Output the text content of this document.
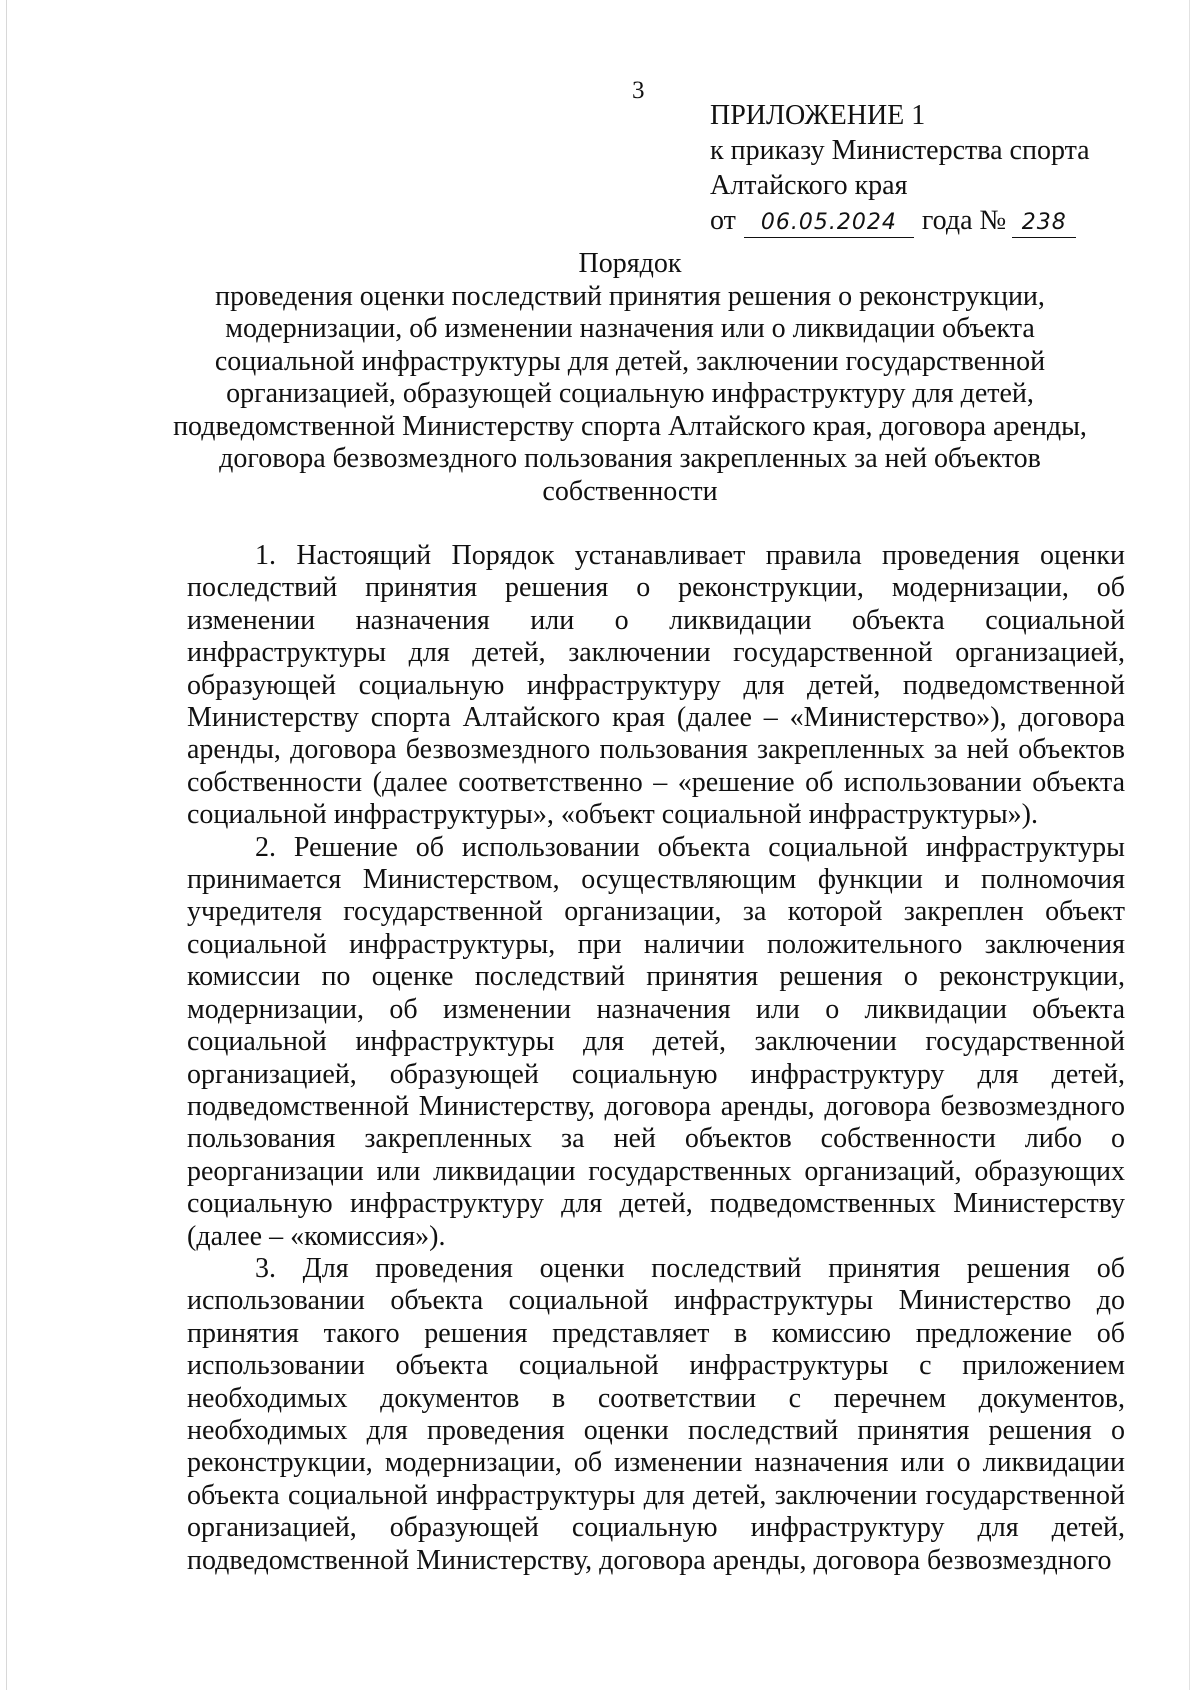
3
ПРИЛОЖЕНИЕ 1
к приказу Министерства спорта
Алтайского края
от 06.05.2024 года № 238
Порядок
проведения оценки последствий принятия решения о реконструкции,
модернизации, об изменении назначения или о ликвидации объекта
социальной инфраструктуры для детей, заключении государственной
организацией, образующей социальную инфраструктуру для детей,
подведомственной Министерству спорта Алтайского края, договора аренды,
договора безвозмездного пользования закрепленных за ней объектов
собственности

1. Настоящий Порядок устанавливает правила проведения оценки последствий принятия решения о реконструкции, модернизации, об изменении назначения или о ликвидации объекта социальной инфраструктуры для детей, заключении государственной организацией, образующей социальную инфраструктуру для детей, подведомственной Министерству спорта Алтайского края (далее – «Министерство»), договора аренды, договора безвозмездного пользования закрепленных за ней объектов собственности (далее соответственно – «решение об использовании объекта социальной инфраструктуры», «объект социальной инфраструктуры»).

2. Решение об использовании объекта социальной инфраструктуры принимается Министерством, осуществляющим функции и полномочия учредителя государственной организации, за которой закреплен объект социальной инфраструктуры, при наличии положительного заключения комиссии по оценке последствий принятия решения о реконструкции, модернизации, об изменении назначения или о ликвидации объекта социальной инфраструктуры для детей, заключении государственной организацией, образующей социальную инфраструктуру для детей, подведомственной Министерству, договора аренды, договора безвозмездного пользования закрепленных за ней объектов собственности либо о реорганизации или ликвидации государственных организаций, образующих социальную инфраструктуру для детей, подведомственных Министерству (далее – «комиссия»).

3. Для проведения оценки последствий принятия решения об использовании объекта социальной инфраструктуры Министерство до принятия такого решения представляет в комиссию предложение об использовании объекта социальной инфраструктуры с приложением необходимых документов в соответствии с перечнем документов, необходимых для проведения оценки последствий принятия решения о реконструкции, модернизации, об изменении назначения или о ликвидации объекта социальной инфраструктуры для детей, заключении государственной организацией, образующей социальную инфраструктуру для детей, подведомственной Министерству, договора аренды, договора безвозмездного
